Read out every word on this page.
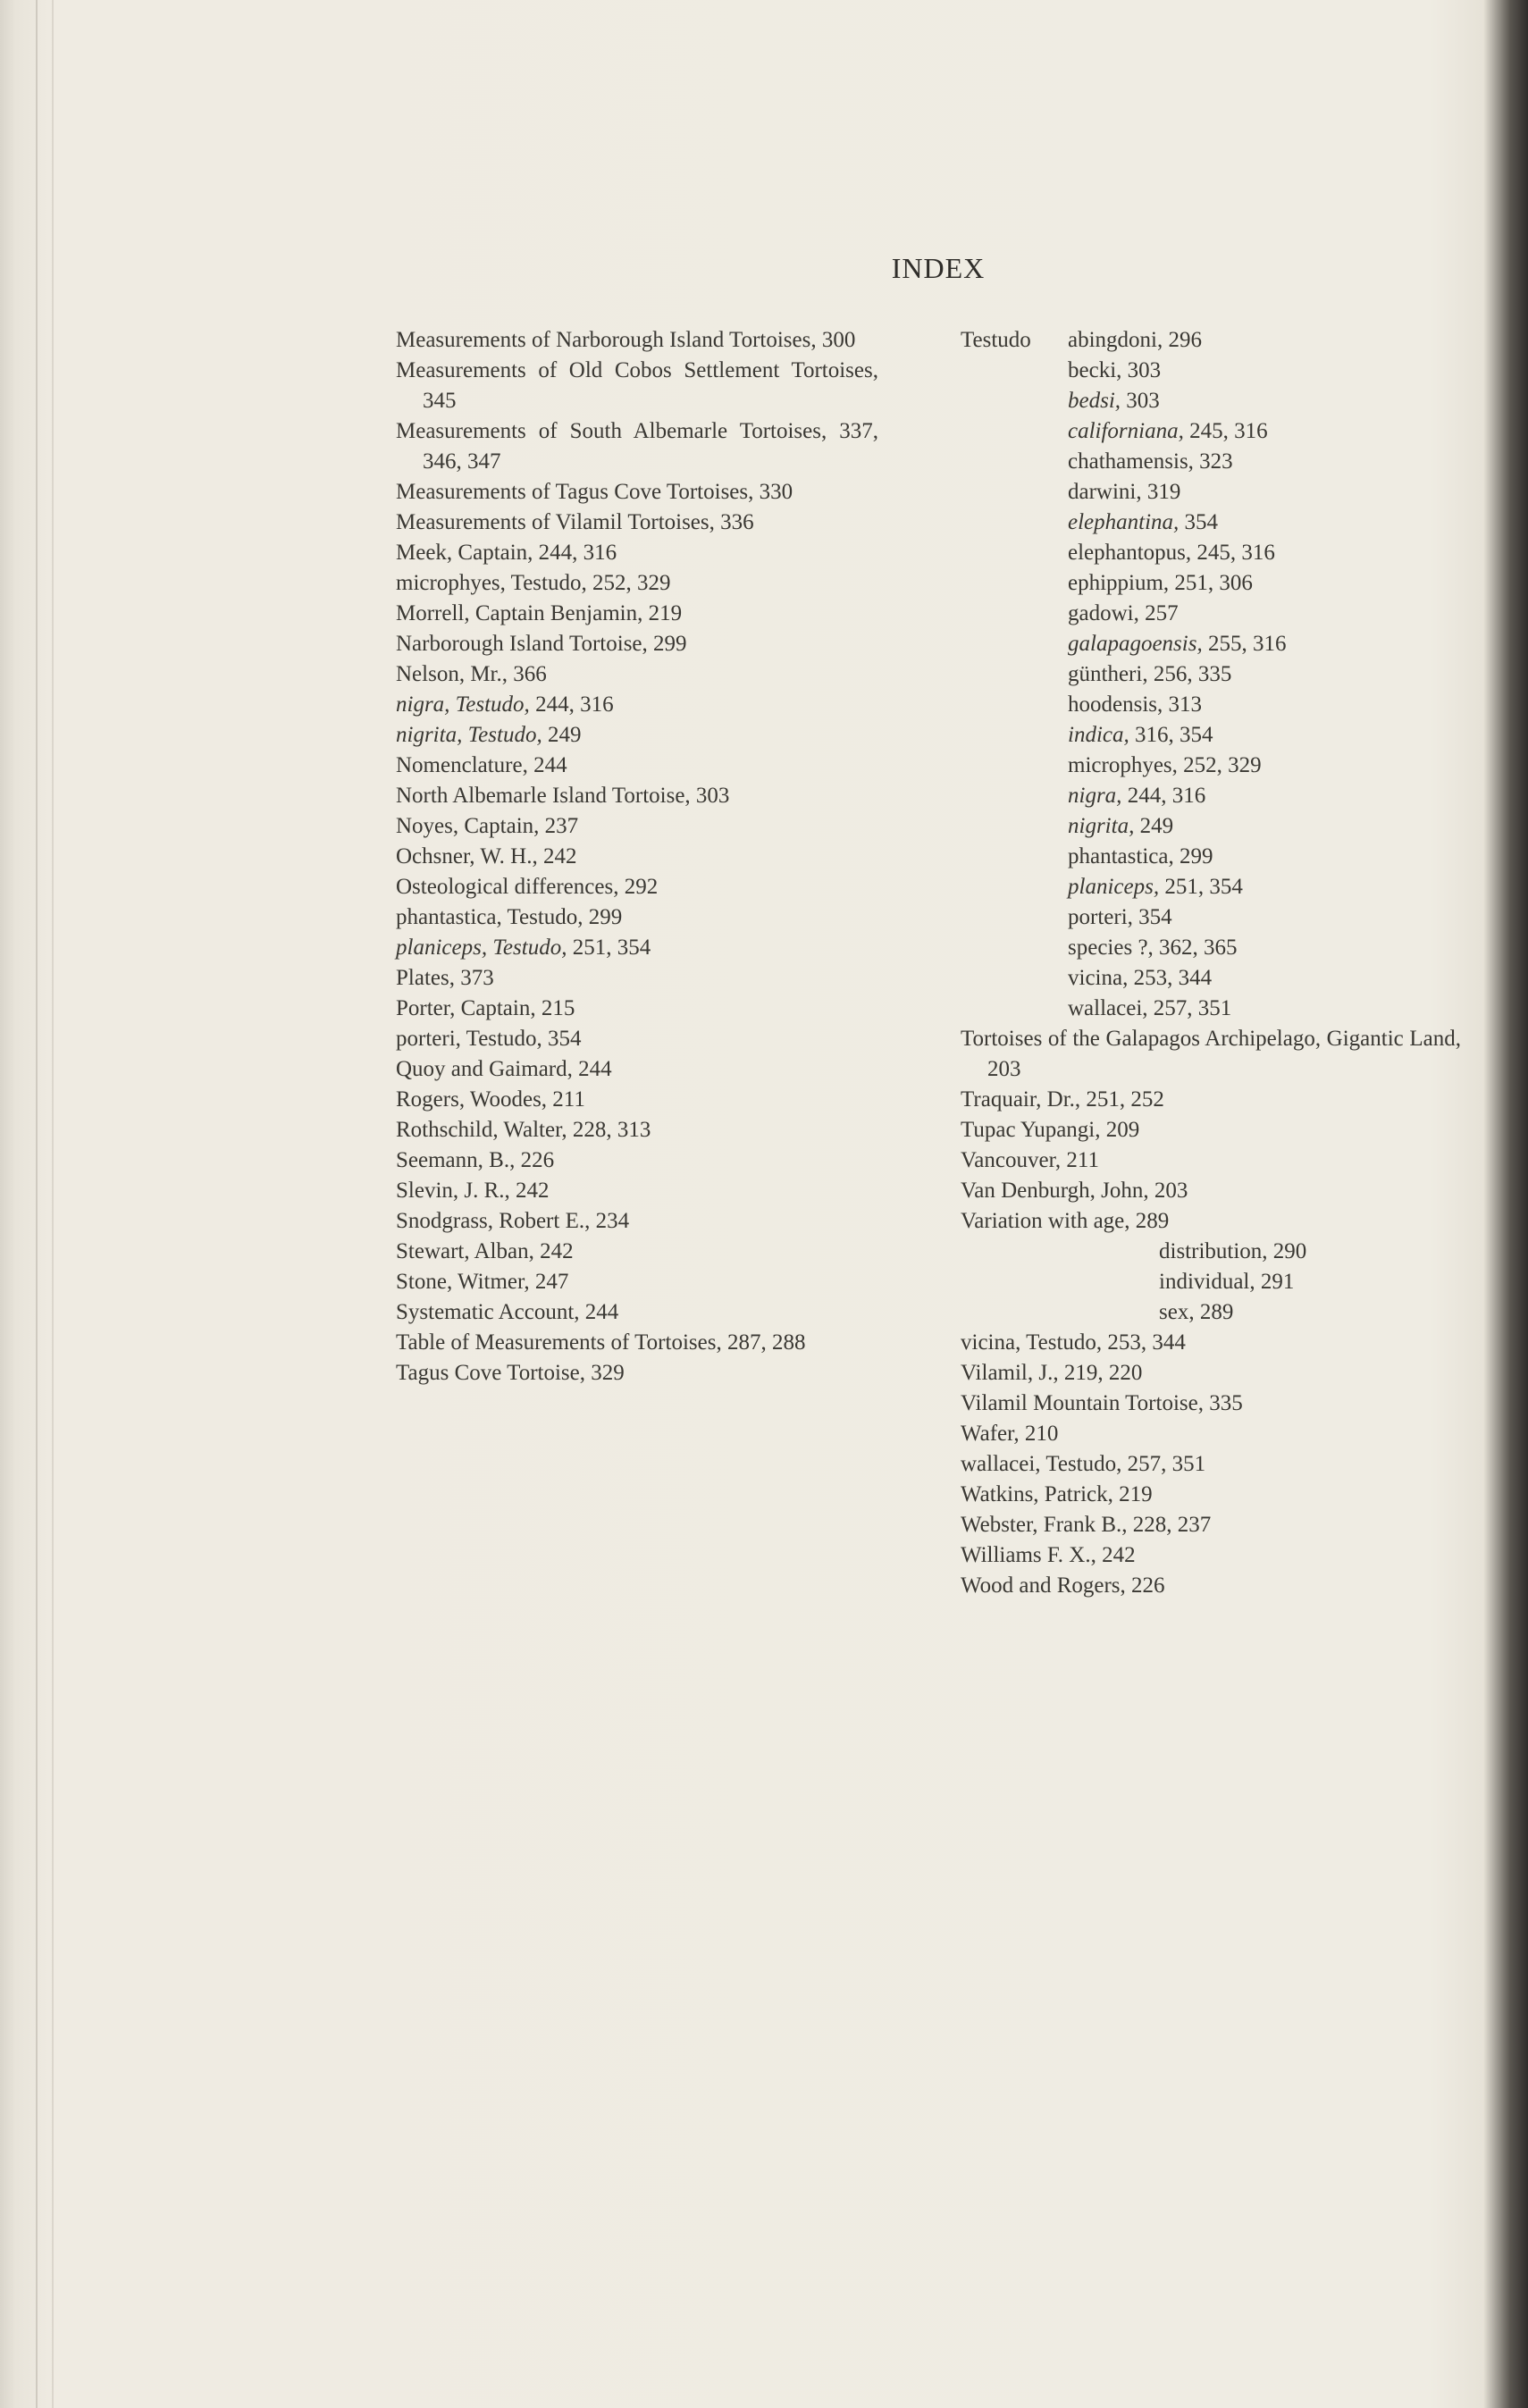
INDEX
Measurements of Narborough Island Tortoises, 300
Measurements of Old Cobos Settlement Tortoises, 345
Measurements of South Albemarle Tortoises, 337, 346, 347
Measurements of Tagus Cove Tortoises, 330
Measurements of Vilamil Tortoises, 336
Meek, Captain, 244, 316
microphyes, Testudo, 252, 329
Morrell, Captain Benjamin, 219
Narborough Island Tortoise, 299
Nelson, Mr., 366
nigra, Testudo, 244, 316
nigrita, Testudo, 249
Nomenclature, 244
North Albemarle Island Tortoise, 303
Noyes, Captain, 237
Ochsner, W. H., 242
Osteological differences, 292
phantastica, Testudo, 299
planiceps, Testudo, 251, 354
Plates, 373
Porter, Captain, 215
porteri, Testudo, 354
Quoy and Gaimard, 244
Rogers, Woodes, 211
Rothschild, Walter, 228, 313
Seemann, B., 226
Slevin, J. R., 242
Snodgrass, Robert E., 234
Stewart, Alban, 242
Stone, Witmer, 247
Systematic Account, 244
Table of Measurements of Tortoises, 287, 288
Tagus Cove Tortoise, 329
Testudo abingdoni, 296
becki, 303
bedsi, 303
californiana, 245, 316
chathamensis, 323
darwini, 319
elephantina, 354
elephantopus, 245, 316
ephippium, 251, 306
gadowi, 257
galapagoensis, 255, 316
güntheri, 256, 335
hoodensis, 313
indica, 316, 354
microphyes, 252, 329
nigra, 244, 316
nigrita, 249
phantastica, 299
planiceps, 251, 354
porteri, 354
species ?, 362, 365
vicina, 253, 344
wallacei, 257, 351
Tortoises of the Galapagos Archipelago, Gigantic Land, 203
Traquair, Dr., 251, 252
Tupac Yupangi, 209
Vancouver, 211
Van Denburgh, John, 203
Variation with age, 289
distribution, 290
individual, 291
sex, 289
vicina, Testudo, 253, 344
Vilamil, J., 219, 220
Vilamil Mountain Tortoise, 335
Wafer, 210
wallacei, Testudo, 257, 351
Watkins, Patrick, 219
Webster, Frank B., 228, 237
Williams F. X., 242
Wood and Rogers, 226
